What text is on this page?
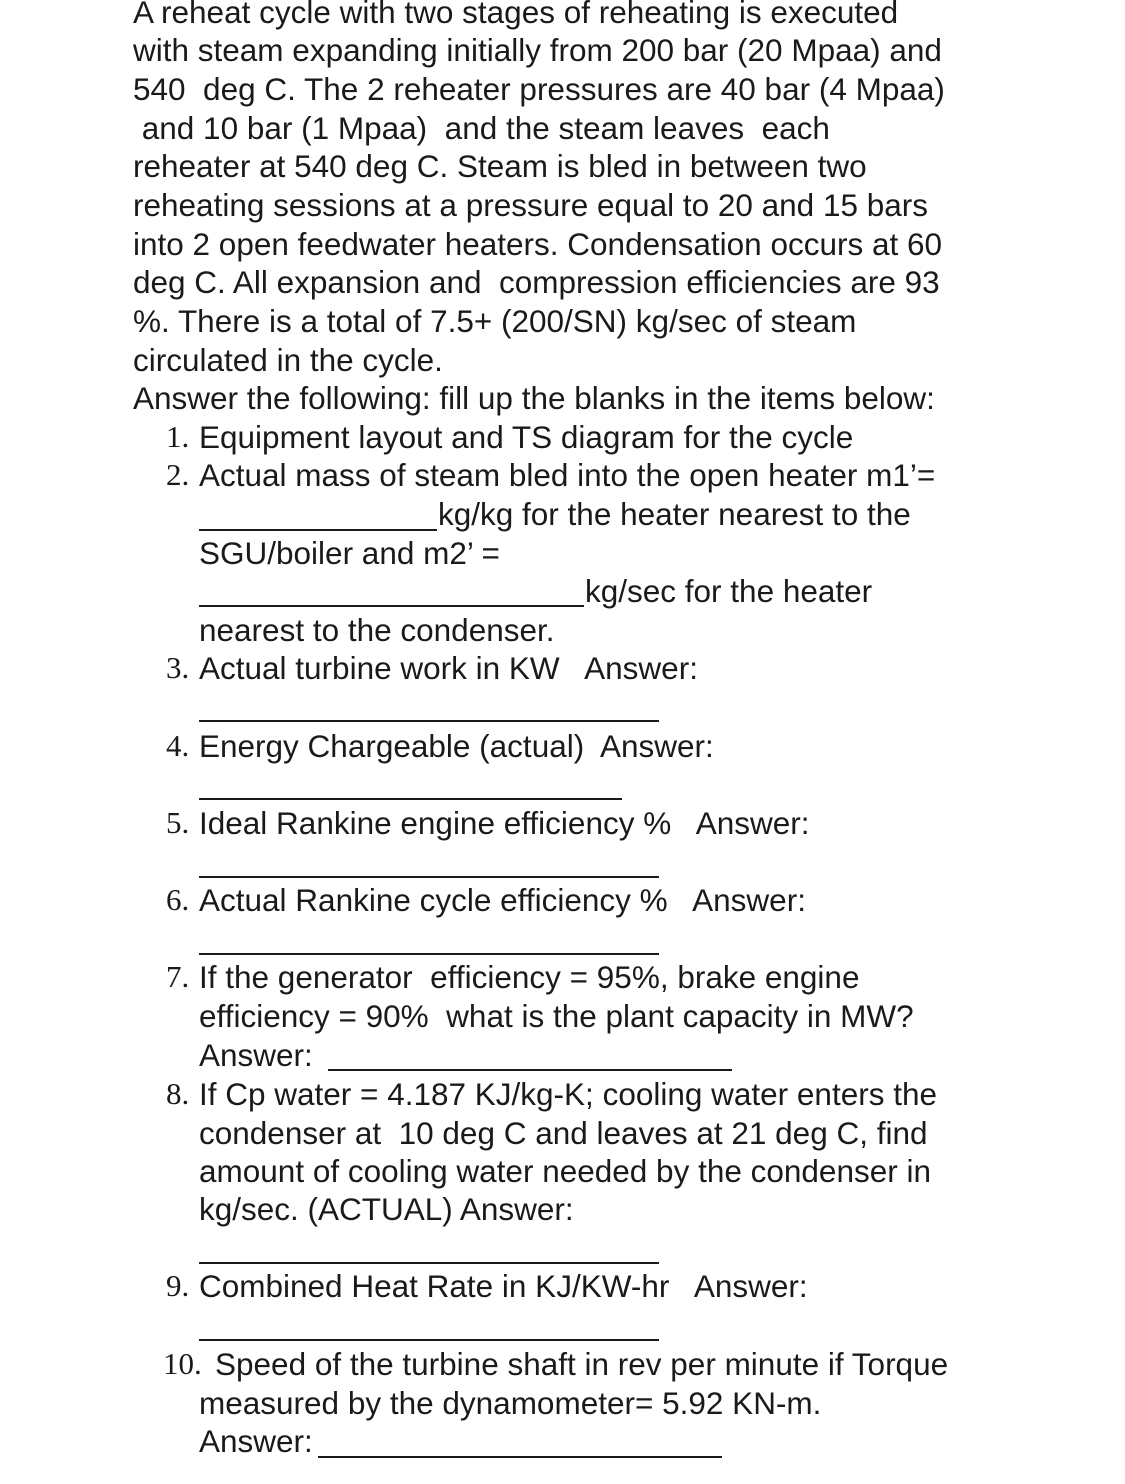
A reheat cycle with two stages of reheating is executed
with steam expanding initially from 200 bar (20 Mpaa) and
540  deg C. The 2 reheater pressures are 40 bar (4 Mpaa)
and 10 bar (1 Mpaa)  and the steam leaves  each
reheater at 540 deg C. Steam is bled in between two
reheating sessions at a pressure equal to 20 and 15 bars
into 2 open feedwater heaters. Condensation occurs at 60
deg C. All expansion and  compression efficiencies are 93
%. There is a total of 7.5+ (200/SN) kg/sec of steam
circulated in the cycle.
Answer the following: fill up the blanks in the items below:
1. Equipment layout and TS diagram for the cycle
2. Actual mass of steam bled into the open heater m1’=
kg/kg for the heater nearest to the
SGU/boiler and m2’ =
kg/sec for the heater
nearest to the condenser.
3. Actual turbine work in KW   Answer:
4. Energy Chargeable (actual)  Answer:
5. Ideal Rankine engine efficiency %   Answer:
6. Actual Rankine cycle efficiency %   Answer:
7. If the generator  efficiency = 95%, brake engine
efficiency = 90%  what is the plant capacity in MW?
Answer:
8. If Cp water = 4.187 KJ/kg-K; cooling water enters the
condenser at  10 deg C and leaves at 21 deg C, find
amount of cooling water needed by the condenser in
kg/sec. (ACTUAL) Answer:
9. Combined Heat Rate in KJ/KW-hr   Answer:
10. Speed of the turbine shaft in rev per minute if Torque
measured by the dynamometer= 5.92 KN-m.
Answer:
